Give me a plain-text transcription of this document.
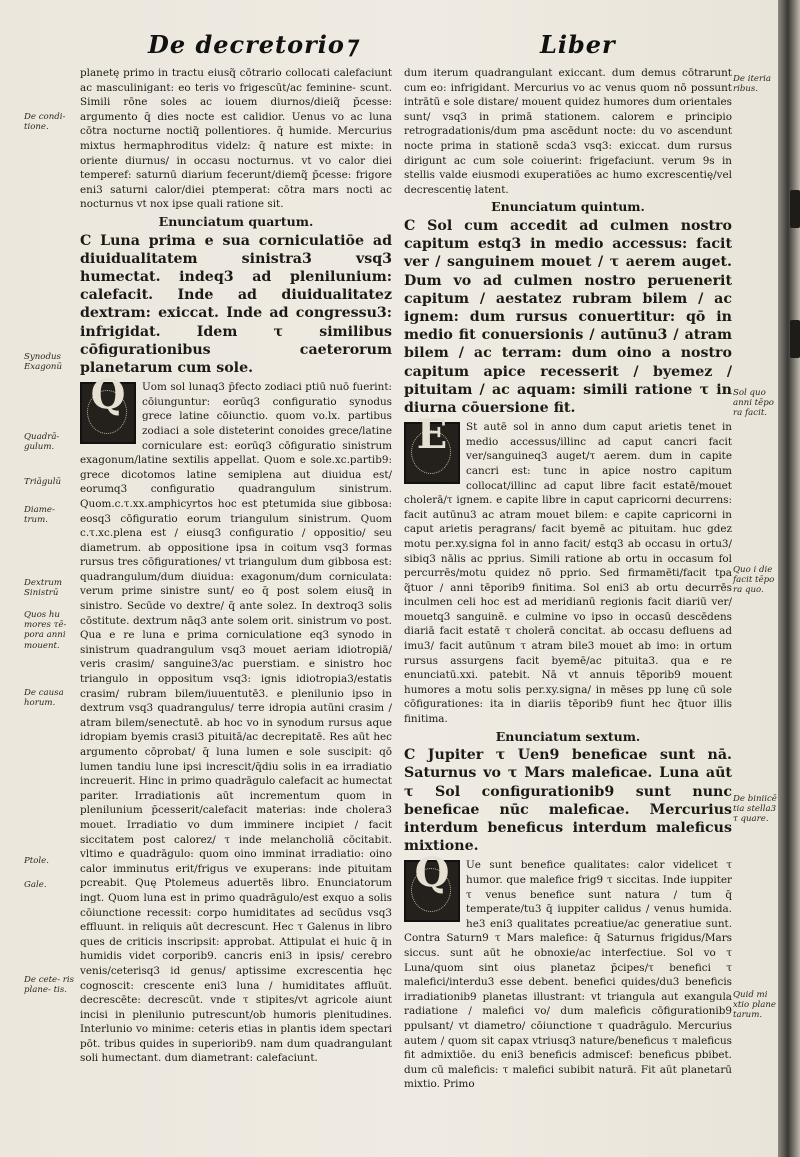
De decretorio⁊	Liber
De condi- tione.
Synodus Exagonū
Quadrā- gulum.
Triāgulū
Diame- trum.
Dextrum Sinistrū
Quos hu mores τē- pora anni mouent.
De causa horum.
Ptole.
Gale.
De cete- ris plane- tis.
De iteria ribus.
Sol quo anni tēpo ra facit.
Quo i die facit tēpo ra quo.
De biniicē tia stella3 τ quare.
Quid mi xtio plane tarum.

planetę primo in tractu eiusq̃ cōtrario collocati calefaciunt ac masculinigant: eo teris vo frigescūt/ac feminine- scunt. Simili rōne soles ac iouem diurnos/dieiq̃ p̄cesse: argumento q̄ dies nocte est calidior. Uenus vo ac luna cōtra nocturne noctiq̃ pollentiores. q̄ humide. Mercurius mixtus hermaphroditus videlz: q̄ nature est mixte: in oriente diurnus/ in occasu nocturnus. vt vo calor diei temperef: saturnū diarium fecerunt/diemq̃ p̄cesse: frigore eni3 saturni calor/diei ptemperat: cōtra mars nocti ac nocturnus vt nox ipse quali ratione sit.

Enunciatum quartum.

C Luna prima e sua corniculatiōe ad diuidualitatem sinistra3 vsq3 humectat. indeq3 ad plenilunium: calefacit. Inde ad diuidualitatez dextram: exiccat. Inde ad congressu3: infrigidat. Idem τ similibus cōfigurationibus caeterorum planetarum cum sole.

Q	Uom sol lunaq3 p̄fecto zodiaci ptiū nuō fuerint: cōiunguntur: eorūq3 configuratio synodus grece latine cōiunctio. quom vo.lx. partibus zodiaci a sole disteterint conoides grece/latine corniculare est: eorūq3 cōfiguratio sinistrum exagonum/latine sextilis appellat. Quom e sole.xc.partib9: grece dicotomos latine semiplena aut diuidua est/ eorumq3 configuratio quadrangulum sinistrum. Quom.c.τ.xx.amphicyrtos hoc est ptetumida siue gibbosa: eosq3 cōfiguratio eorum triangulum sinistrum. Quom c.τ.xc.plena est / eiusq3 configuratio / oppositio/ seu diametrum. ab oppositione ipsa in coitum vsq3 formas rursus tres cōfigurationes/ vt triangulum dum gibbosa est: quadrangulum/dum diuidua: exagonum/dum corniculata: verum prime sinistre sunt/ eo q̄ post solem eiusq̃ in sinistro. Secūde vo dextre/ q̄ ante solez. In dextroq3 solis cōstitute. dextrum nāq3 ante solem orit. sinistrum vo post. Qua e re luna e prima corniculatione eq3 synodo in sinistrum quadrangulum vsq3 mouet aeriam idiotropiā/ veris crasim/ sanguine3/ac puerstiam. e sinistro hoc triangulo in oppositum vsq3: ignis idiotropia3/estatis crasim/ rubram bilem/iuuentutē3. e plenilunio ipso in dextrum vsq3 quadrangulus/ terre idropia autūni crasim / atram bilem/senectutē. ab hoc vo in synodum rursus aque idropiam byemis crasi3 pituitā/ac decrepitatē. Res aūt hec argumento cōprobat/ q̄ luna lumen e sole suscipit: qō lumen tandiu lune ipsi increscit/q̄diu solis in ea irradiatio increuerit. Hinc in primo quadrāgulo calefacit ac humectat pariter. Irradiationis aūt incrementum quom in plenilunium p̄cesserit/calefacit materias: inde cholera3 mouet. Irradiatio vo dum imminere incipiet / facit siccitatem post calorez/ τ inde melancholiā cōcitabit. vltimo e quadrāgulo: quom oino imminat irradiatio: oino calor imminutus erit/frigus ve exuperans: inde pituitam pcreabit. Quę Ptolemeus aduertēs libro. Enunciatorum ingt. Quom luna est in primo quadrāgulo/est exquo a solis cōiunctione recessit: corpo humiditates ad secūdus vsq3 effluunt. in reliquis aūt decrescunt. Hec τ Galenus in libro ques de criticis inscripsit: approbat. Attipulat ei huic q̄ in humidis videt corporib9. cancris eni3 in ipsis/ cerebro venis/ceterisq3 id genus/ aptissime excrescentia hęc cognoscit: crescente eni3 luna / humiditates affluūt. decrescēte: decrescūt. vnde τ stipites/vt agricole aiunt incisi in plenilunio putrescunt/ob humoris plenitudines. Interlunio vo minime: ceteris etias in plantis idem spectari pōt. tribus quides in superiorib9. nam dum quadrangulant soli humectant. dum diametrant: calefaciunt.

dum iterum quadrangulant exiccant. dum demus cōtrarunt cum eo: infrigidant. Mercurius vo ac venus quom nō possunt intrātū e sole distare/ mouent quidez humores dum orientales sunt/ vsq3 in primā stationem. calorem e principio retrogradationis/dum pma ascēdunt nocte: du vo ascendunt nocte prima in stationē scda3 vsq3: exiccat. dum rursus dirigunt ac cum sole coiuerint: frigefaciunt. verum 9s in stellis valde eiusmodi exuperatiōes ac humo excrescentię/vel decrescentię latent.

Enunciatum quintum.

C Sol cum accedit ad culmen nostro capitum estq3 in medio accessus: facit ver / sanguinem mouet / τ aerem auget. Dum vo ad culmen nostro peruenerit capitum / aestatez rubram bilem / ac ignem: dum rursus conuertitur: qō in medio fit conuersionis / autūnu3 / atram bilem / ac terram: dum oino a nostro capitum apice recesserit / byemez / pituitam / ac aquam: simili ratione τ in diurna cōuersione fit.

E	St autē sol in anno dum caput arietis tenet in medio accessus/illinc ad caput cancri facit ver/sanguineq3 auget/τ aerem. dum in capite cancri est: tunc in apice nostro capitum collocat/illinc ad caput libre facit estatē/mouet cholerā/τ ignem. e capite libre in caput capricorni decurrens: facit autūnu3 ac atram mouet bilem: e capite capricorni in caput arietis peragrans/ facit byemē ac pituitam. huc gdez motu per.xy.signa fol in anno facit/ estq3 ab occasu in ortu3/ sibiq3 nālis ac pprius. Simili ratione ab ortu in occasum fol percurrēs/motu quidez nō pprio. Sed firmamēti/facit tpa q̃tuor / anni tēporib9 finitima. Sol eni3 ab ortu decurrēs inculmen celi hoc est ad meridianū regionis facit diariū ver/ mouetq3 sanguinē. e culmine vo ipso in occasū descēdens diariā facit estatē τ cholerā concitat. ab occasu defluens ad imu3/ facit autūnum τ atram bile3 mouet ab imo: in ortum rursus assurgens facit byemē/ac pituita3. qua e re enunciatū.xxi. patebit. Nā vt annuis tēporib9 mouent humores a motu solis per.xy.signa/ in mēses pp lunę cū sole cōfigurationes: ita in diariis tēporib9 fiunt hec q̃tuor illis finitima.

Enunciatum sextum.

C Jupiter τ Uen9 beneficae sunt nā. Saturnus vo τ Mars maleficae. Luna aūt τ Sol configurationib9 sunt nunc beneficae nūc maleficae. Mercurius interdum beneficus interdum maleficus mixtione.

Q	Ue sunt benefice qualitates: calor videlicet τ humor. que malefice frig9 τ siccitas. Inde iuppiter τ venus benefice sunt natura / tum q̄ temperate/tu3 q̄ iuppiter calidus / venus humida. he3 eni3 qualitates pcreatiue/ac generatiue sunt. Contra Saturn9 τ Mars malefice: q̄ Saturnus frigidus/Mars siccus. sunt aūt he obnoxie/ac interfectiue. Sol vo τ Luna/quom sint oius planetaz p̄cipes/τ benefici τ malefici/interdu3 esse debent. benefici quides/du3 beneficis irradiationib9 planetas illustrant: vt triangula aut exangula radiatione / malefici vo/ dum maleficis cōfigurationib9 ppulsant/ vt diametro/ cōiunctione τ quadrāgulo. Mercurius autem / quom sit capax vtriusq3 nature/beneficus τ maleficus fit admixtiōe. du eni3 beneficis admiscef: beneficus pbibet. dum cū maleficis: τ malefici subibit naturā. Fit aūt planetarū mixtio. Primo
